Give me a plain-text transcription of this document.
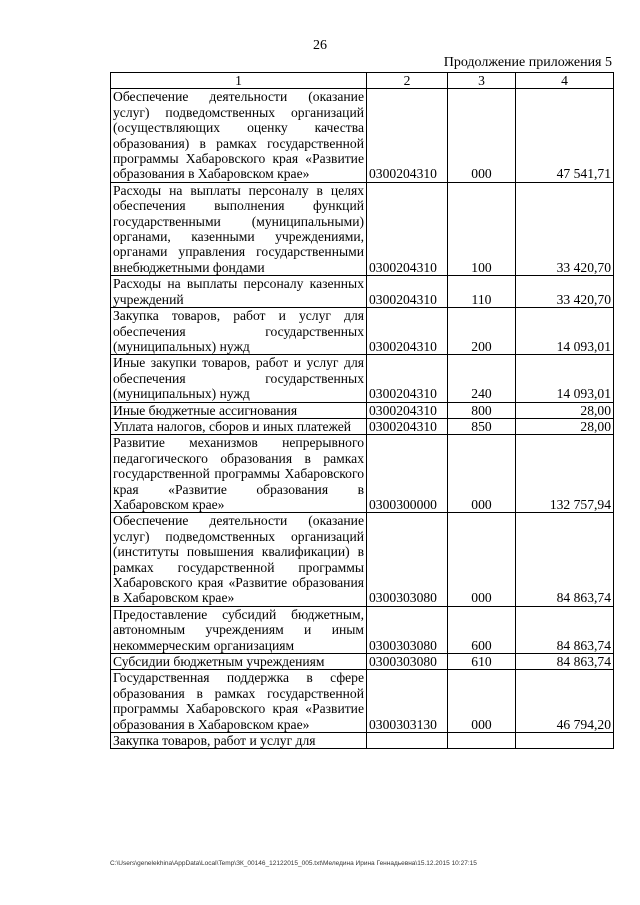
26
Продолжение приложения 5
1	2	3	4
Обеспечение деятельности (оказание услуг) подведомственных организаций (осуществляющих оценку качества образования) в рамках государственной программы Хабаровского края «Развитие образования в Хабаровском крае»	0300204310	000	47 541,71
Расходы на выплаты персоналу в целях обеспечения выполнения функций государственными (муниципальными) органами, казенными учреждениями, органами управления государственными внебюджетными фондами	0300204310	100	33 420,70
Расходы на выплаты персоналу казенных учреждений	0300204310	110	33 420,70
Закупка товаров, работ и услуг для обеспечения государственных (муниципальных) нужд	0300204310	200	14 093,01
Иные закупки товаров, работ и услуг для обеспечения государственных (муниципальных) нужд	0300204310	240	14 093,01
Иные бюджетные ассигнования	0300204310	800	28,00
Уплата налогов, сборов и иных платежей	0300204310	850	28,00
Развитие механизмов непрерывного педагогического образования в рамках государственной программы Хабаровского края «Развитие образования в Хабаровском крае»	0300300000	000	132 757,94
Обеспечение деятельности (оказание услуг) подведомственных организаций (институты повышения квалификации) в рамках государственной программы Хабаровского края «Развитие образования в Хабаровском крае»	0300303080	000	84 863,74
Предоставление субсидий бюджетным, автономным учреждениям и иным некоммерческим организациям	0300303080	600	84 863,74
Субсидии бюджетным учреждениям	0300303080	610	84 863,74
Государственная поддержка в сфере образования в рамках государственной программы Хабаровского края «Развитие образования в Хабаровском крае»	0300303130	000	46 794,20
Закупка товаров, работ и услуг для			
C:\Users\genelekhina\AppData\Local\Temp\ЗК_00146_12122015_005.txt\Меледина Ирина Геннадьевна\15.12.2015 10:27:15
